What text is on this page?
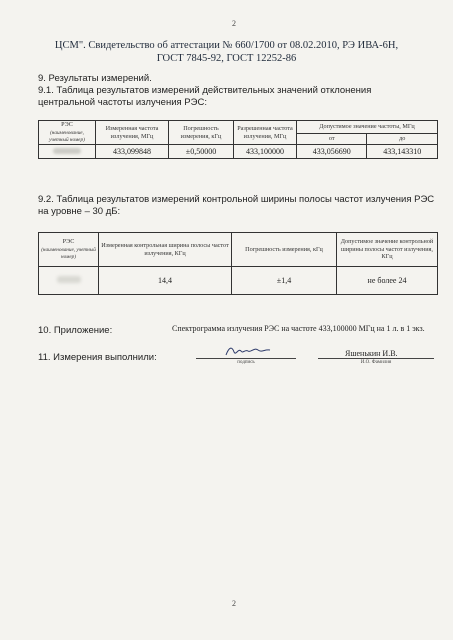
2
ЦСМ". Свидетельство об аттестации № 660/1700 от 08.02.2010, РЭ ИВА-6Н,
ГОСТ 7845-92, ГОСТ 12252-86
9. Результаты измерений.
9.1. Таблица результатов измерений действительных значений отклонения центральной частоты излучения РЭС:
РЭС
(наименование, учетный номер)	Измеренная частота излучения, МГц	Погрешность измерения, кГц	Разрешенная частота излучения, МГц	Допустимое значение частоты, МГц	
				от	до
	433,099848	±0,50000	433,100000	433,056690	433,143310
9.2. Таблица результатов измерений контрольной ширины полосы частот излучения РЭС на уровне – 30 дБ:
РЭС
(наименование, учетный номер)	Измеренная контрольная ширина полосы частот излучения, КГц	Погрешность измерения, кГц	Допустимое значение контрольной ширины полосы частот излучения, КГц
	14,4	±1,4	не более 24
10. Приложение:	Спектрограмма излучения РЭС на частоте 433,100000 МГц на 1 л. в 1 экз.
11. Измерения выполнили:	подпись
Яшенькин И.В.
И.О. Фамилия
2
